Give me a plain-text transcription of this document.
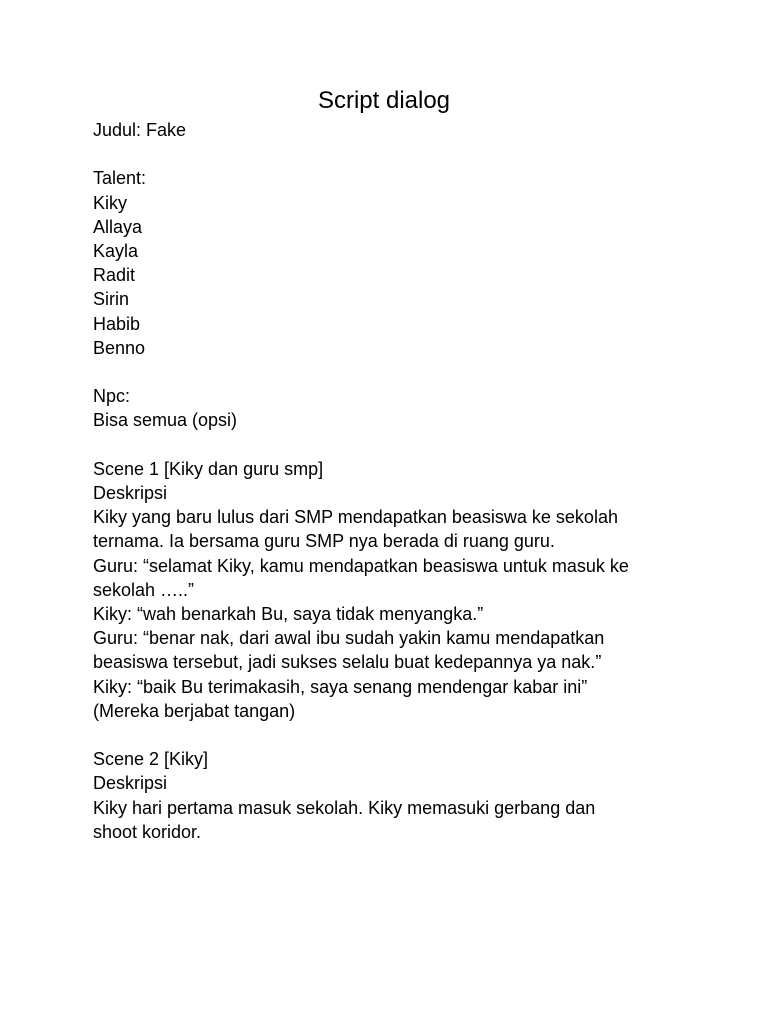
Script dialog

Judul: Fake

Talent:

Kiky

Allaya

Kayla

Radit

Sirin

Habib

Benno

Npc:

Bisa semua (opsi)

Scene 1 [Kiky dan guru smp]

Deskripsi

Kiky yang baru lulus dari SMP mendapatkan beasiswa ke sekolah

ternama. Ia bersama guru SMP nya berada di ruang guru.

Guru: “selamat Kiky, kamu mendapatkan beasiswa untuk masuk ke

sekolah …..”

Kiky: “wah benarkah Bu, saya tidak menyangka.”

Guru: “benar nak, dari awal ibu sudah yakin kamu mendapatkan

beasiswa tersebut, jadi sukses selalu buat kedepannya ya nak.”

Kiky: “baik Bu terimakasih, saya senang mendengar kabar ini”

(Mereka berjabat tangan)

Scene 2 [Kiky]

Deskripsi

Kiky hari pertama masuk sekolah. Kiky memasuki gerbang dan

shoot koridor.
